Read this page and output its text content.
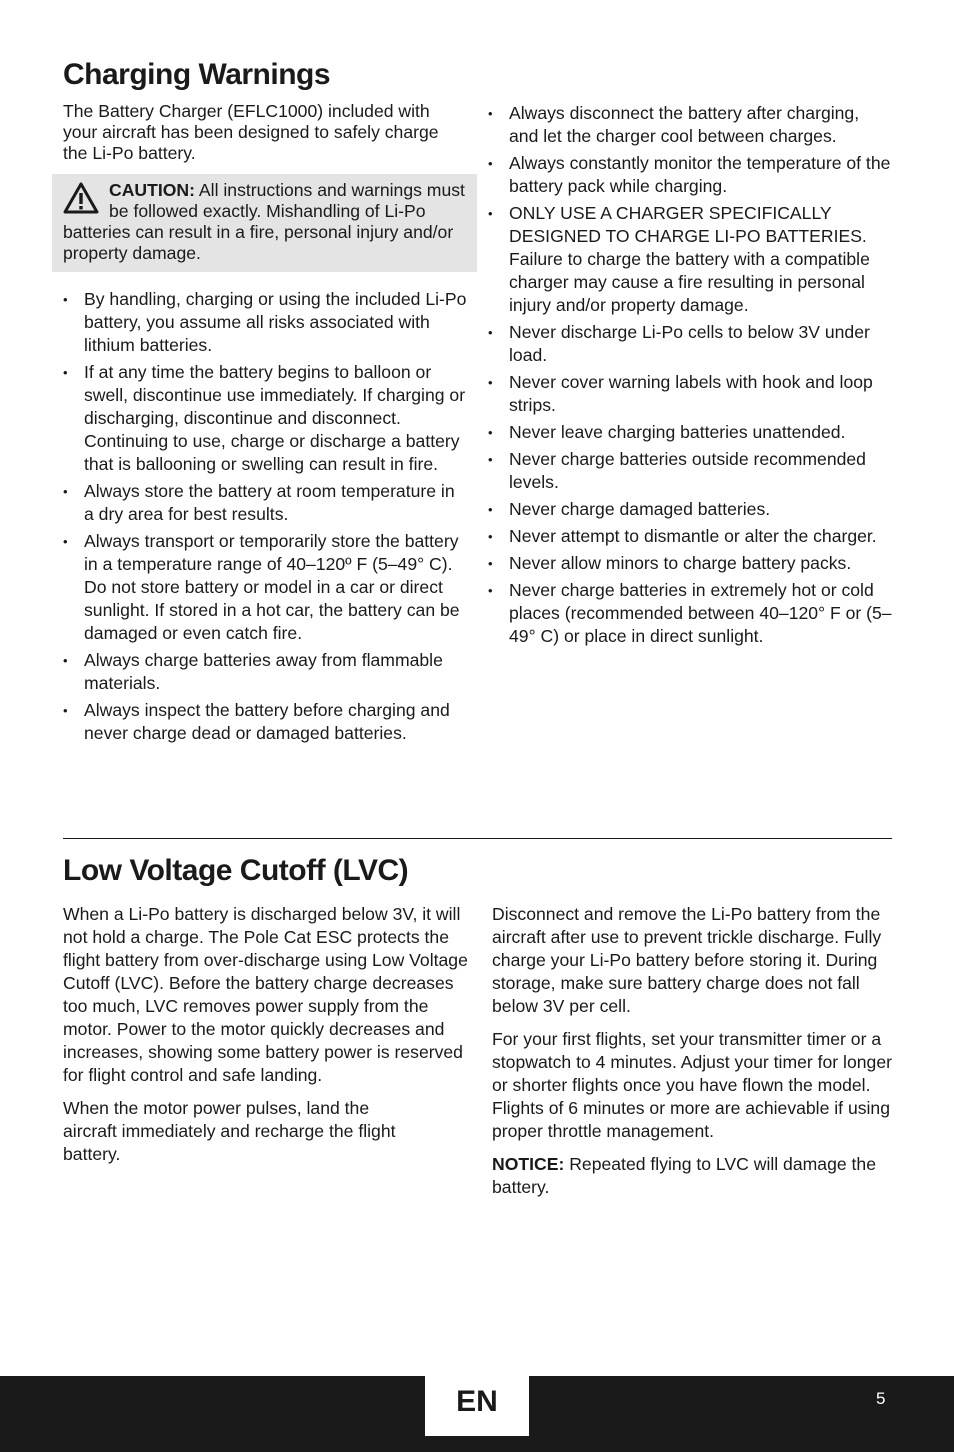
Charging Warnings

The Battery Charger (EFLC1000) included with your aircraft has been designed to safely charge the Li-Po battery.

CAUTION: All instructions and warnings must be followed exactly. Mishandling of Li-Po batteries can result in a fire, personal injury and/or property damage.
• By handling, charging or using the included Li-Po battery, you assume all risks associated with lithium batteries.
• If at any time the battery begins to balloon or swell, discontinue use immediately. If charging or discharging, discontinue and disconnect. Continuing to use, charge or discharge a battery that is ballooning or swelling can result in fire.
• Always store the battery at room temperature in a dry area for best results.
• Always transport or temporarily store the battery in a temperature range of 40–120º F (5–49° C). Do not store battery or model in a car or direct sunlight. If stored in a hot car, the battery can be damaged or even catch fire.
• Always charge batteries away from flammable materials.
• Always inspect the battery before charging and never charge dead or damaged batteries.
• Always disconnect the battery after charging, and let the charger cool between charges.
• Always constantly monitor the temperature of the battery pack while charging.
• ONLY USE A CHARGER SPECIFICALLY DESIGNED TO CHARGE LI-PO BATTERIES. Failure to charge the battery with a compatible charger may cause a fire resulting in personal injury and/or property damage.
• Never discharge Li-Po cells to below 3V under load.
• Never cover warning labels with hook and loop strips.
• Never leave charging batteries unattended.
• Never charge batteries outside recommended levels.
• Never charge damaged batteries.
• Never attempt to dismantle or alter the charger.
• Never allow minors to charge battery packs.
• Never charge batteries in extremely hot or cold places (recommended between 40–120° F or (5–49° C) or place in direct sunlight.
Low Voltage Cutoff (LVC)

When a Li-Po battery is discharged below 3V, it will not hold a charge. The Pole Cat ESC protects the flight battery from over-discharge using Low Voltage Cutoff (LVC). Before the battery charge decreases too much, LVC removes power supply from the motor. Power to the motor quickly decreases and increases, showing some battery power is reserved for flight control and safe landing.

When the motor power pulses, land the aircraft immediately and recharge the flight battery.

Disconnect and remove the Li-Po battery from the aircraft after use to prevent trickle discharge. Fully charge your Li-Po battery before storing it. During storage, make sure battery charge does not fall below 3V per cell.

For your first flights, set your transmitter timer or a stopwatch to 4 minutes. Adjust your timer for longer or shorter flights once you have flown the model. Flights of 6 minutes or more are achievable if using proper throttle management.

NOTICE: Repeated flying to LVC will damage the battery.

EN	5
